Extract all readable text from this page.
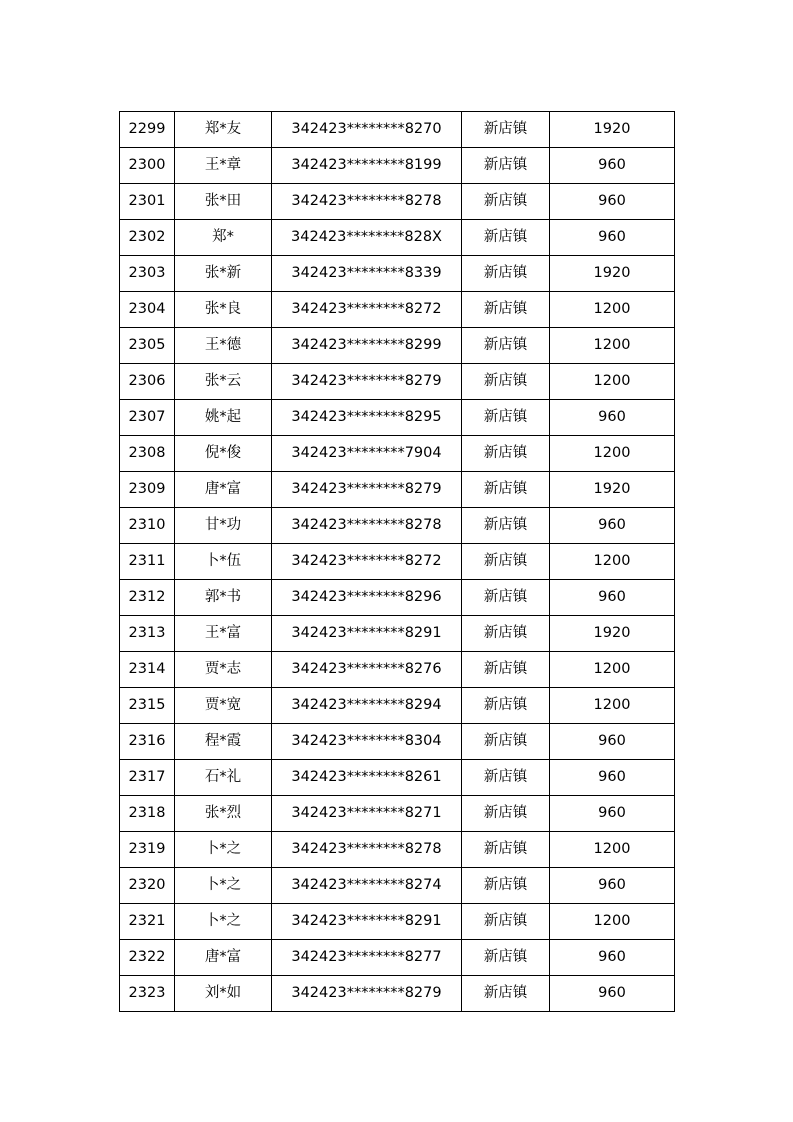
2299	郑*友	342423********8270	新店镇	1920
2300	王*章	342423********8199	新店镇	960
2301	张*田	342423********8278	新店镇	960
2302	郑*	342423********828X	新店镇	960
2303	张*新	342423********8339	新店镇	1920
2304	张*良	342423********8272	新店镇	1200
2305	王*德	342423********8299	新店镇	1200
2306	张*云	342423********8279	新店镇	1200
2307	姚*起	342423********8295	新店镇	960
2308	倪*俊	342423********7904	新店镇	1200
2309	唐*富	342423********8279	新店镇	1920
2310	甘*功	342423********8278	新店镇	960
2311	卜*伍	342423********8272	新店镇	1200
2312	郭*书	342423********8296	新店镇	960
2313	王*富	342423********8291	新店镇	1920
2314	贾*志	342423********8276	新店镇	1200
2315	贾*宽	342423********8294	新店镇	1200
2316	程*霞	342423********8304	新店镇	960
2317	石*礼	342423********8261	新店镇	960
2318	张*烈	342423********8271	新店镇	960
2319	卜*之	342423********8278	新店镇	1200
2320	卜*之	342423********8274	新店镇	960
2321	卜*之	342423********8291	新店镇	1200
2322	唐*富	342423********8277	新店镇	960
2323	刘*如	342423********8279	新店镇	960
